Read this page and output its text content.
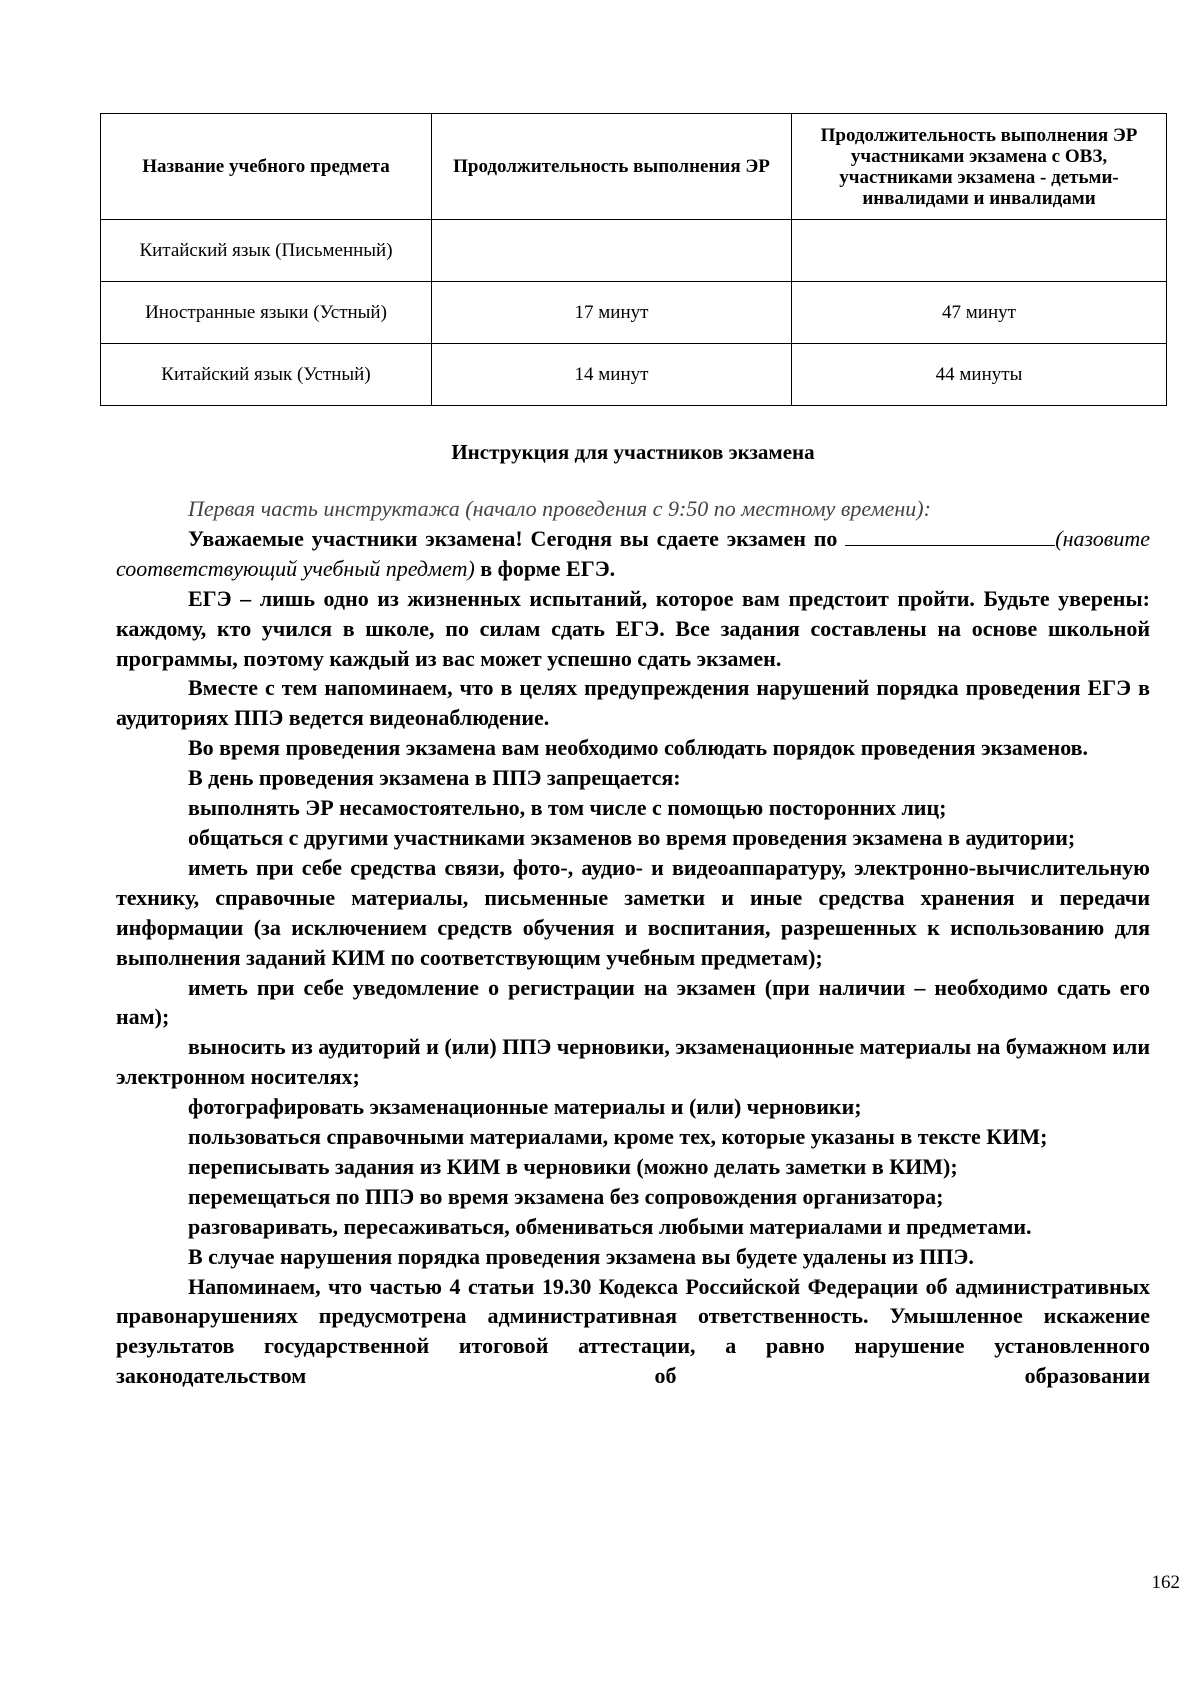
Название учебного предмета	Продолжительность выполнения ЭР	Продолжительность выполнения ЭР участниками экзамена с ОВЗ, участниками экзамена - детьми-инвалидами и инвалидами
Китайский язык (Письменный)		
Иностранные языки (Устный)	17 минут	47 минут
Китайский язык (Устный)	14 минут	44 минуты
Инструкция для участников экзамена

Первая часть инструктажа (начало проведения с 9:50 по местному времени):

Уважаемые участники экзамена! Сегодня вы сдаете экзамен по	(назовите соответствующий учебный предмет) в форме ЕГЭ.

ЕГЭ – лишь одно из жизненных испытаний, которое вам предстоит пройти. Будьте уверены: каждому, кто учился в школе, по силам сдать ЕГЭ. Все задания составлены на основе школьной программы, поэтому каждый из вас может успешно сдать экзамен.

Вместе с тем напоминаем, что в целях предупреждения нарушений порядка проведения ЕГЭ в аудиториях ППЭ ведется видеонаблюдение.

Во время проведения экзамена вам необходимо соблюдать порядок проведения экзаменов.

В день проведения экзамена в ППЭ запрещается:

выполнять ЭР несамостоятельно, в том числе с помощью посторонних лиц;

общаться с другими участниками экзаменов во время проведения экзамена в аудитории;

иметь при себе средства связи, фото-, аудио- и видеоаппаратуру, электронно-вычислительную технику, справочные материалы, письменные заметки и иные средства хранения и передачи информации (за исключением средств обучения и воспитания, разрешенных к использованию для выполнения заданий КИМ по соответствующим учебным предметам);

иметь при себе уведомление о регистрации на экзамен (при наличии – необходимо сдать его нам);

выносить из аудиторий и (или) ППЭ черновики, экзаменационные материалы на бумажном или электронном носителях;

фотографировать экзаменационные материалы и (или) черновики;

пользоваться справочными материалами, кроме тех, которые указаны в тексте КИМ;

переписывать задания из КИМ в черновики (можно делать заметки в КИМ);

перемещаться по ППЭ во время экзамена без сопровождения организатора;

разговаривать, пересаживаться, обмениваться любыми материалами и предметами.

В случае нарушения порядка проведения экзамена вы будете удалены из ППЭ.

Напоминаем, что частью 4 статьи 19.30 Кодекса Российской Федерации об административных правонарушениях предусмотрена административная ответственность. Умышленное искажение результатов государственной итоговой аттестации, а равно нарушение установленного законодательством об образовании

162
